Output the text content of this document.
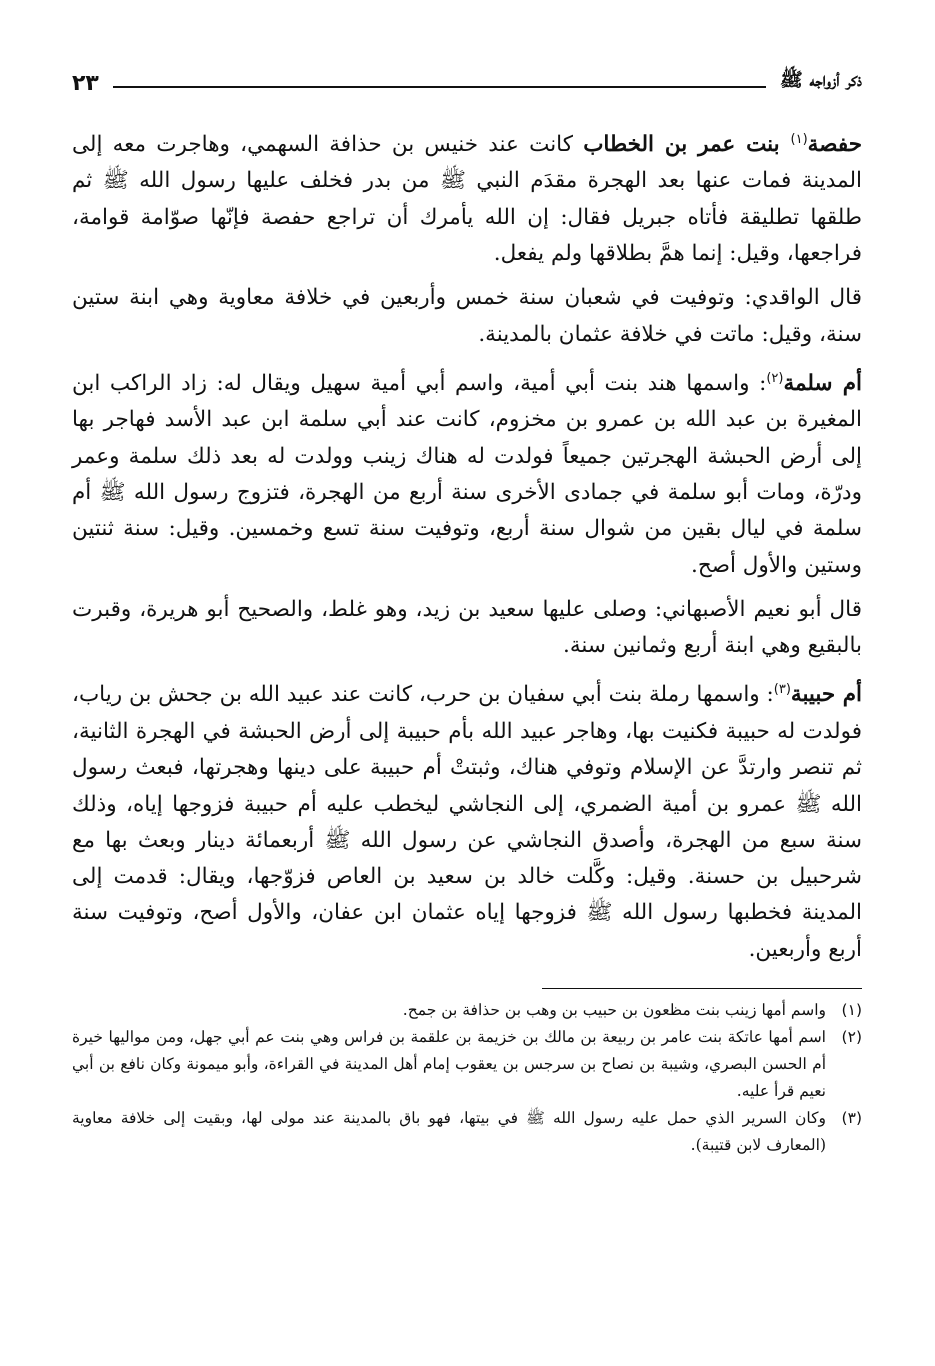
ذكر أزواجه ﷺ
٢٣

حفصة$^{(١)}$ بنت عمر بن الخطاب كانت عند خنيس بن حذافة السهمي، وهاجرت معه إلى المدينة فمات عنها بعد الهجرة مقدَم النبي ﷺ من بدر فخلف عليها رسول الله ﷺ ثم طلقها تطليقة فأتاه جبريل فقال: إن الله يأمرك أن تراجع حفصة فإنّها صوّامة قوامة، فراجعها، وقيل: إنما همَّ بطلاقها ولم يفعل.

قال الواقدي: وتوفيت في شعبان سنة خمس وأربعين في خلافة معاوية وهي ابنة ستين سنة، وقيل: ماتت في خلافة عثمان بالمدينة.

أم سلمة$^{(٢)}$: واسمها هند بنت أبي أمية، واسم أبي أمية سهيل ويقال له: زاد الراكب ابن المغيرة بن عبد الله بن عمرو بن مخزوم، كانت عند أبي سلمة ابن عبد الأسد فهاجر بها إلى أرض الحبشة الهجرتين جميعاً فولدت له هناك زينب وولدت له بعد ذلك سلمة وعمر ودرّة، ومات أبو سلمة في جمادى الأخرى سنة أربع من الهجرة، فتزوج رسول الله ﷺ أم سلمة في ليال بقين من شوال سنة أربع، وتوفيت سنة تسع وخمسين. وقيل: سنة ثنتين وستين والأول أصح.

قال أبو نعيم الأصبهاني: وصلى عليها سعيد بن زيد، وهو غلط، والصحيح أبو هريرة، وقبرت بالبقيع وهي ابنة أربع وثمانين سنة.

أم حبيبة$^{(٣)}$: واسمها رملة بنت أبي سفيان بن حرب، كانت عند عبيد الله بن جحش بن رياب، فولدت له حبيبة فكنيت بها، وهاجر عبيد الله بأم حبيبة إلى أرض الحبشة في الهجرة الثانية، ثم تنصر وارتدَّ عن الإسلام وتوفي هناك، وثبتتْ أم حبيبة على دينها وهجرتها، فبعث رسول الله ﷺ عمرو بن أمية الضمري، إلى النجاشي ليخطب عليه أم حبيبة فزوجها إياه، وذلك سنة سبع من الهجرة، وأصدق النجاشي عن رسول الله ﷺ أربعمائة دينار وبعث بها مع شرحبيل بن حسنة. وقيل: وكَّلت خالد بن سعيد بن العاص فزوّجها، ويقال: قدمت إلى المدينة فخطبها رسول الله ﷺ فزوجها إياه عثمان ابن عفان، والأول أصح، وتوفيت سنة أربع وأربعين.

(١)
واسم أمها زينب بنت مظعون بن حبيب بن وهب بن حذافة بن جمح.
(٢)
اسم أمها عاتكة بنت عامر بن ربيعة بن مالك بن خزيمة بن علقمة بن فراس وهي بنت عم أبي جهل، ومن مواليها خيرة أم الحسن البصري، وشيبة بن نصاح بن سرجس بن يعقوب إمام أهل المدينة في القراءة، وأبو ميمونة وكان نافع بن أبي نعيم قرأ عليه.
(٣)
وكان السرير الذي حمل عليه رسول الله ﷺ في بيتها، فهو باق بالمدينة عند مولى لها، وبقيت إلى خلافة معاوية (المعارف لابن قتيبة).
